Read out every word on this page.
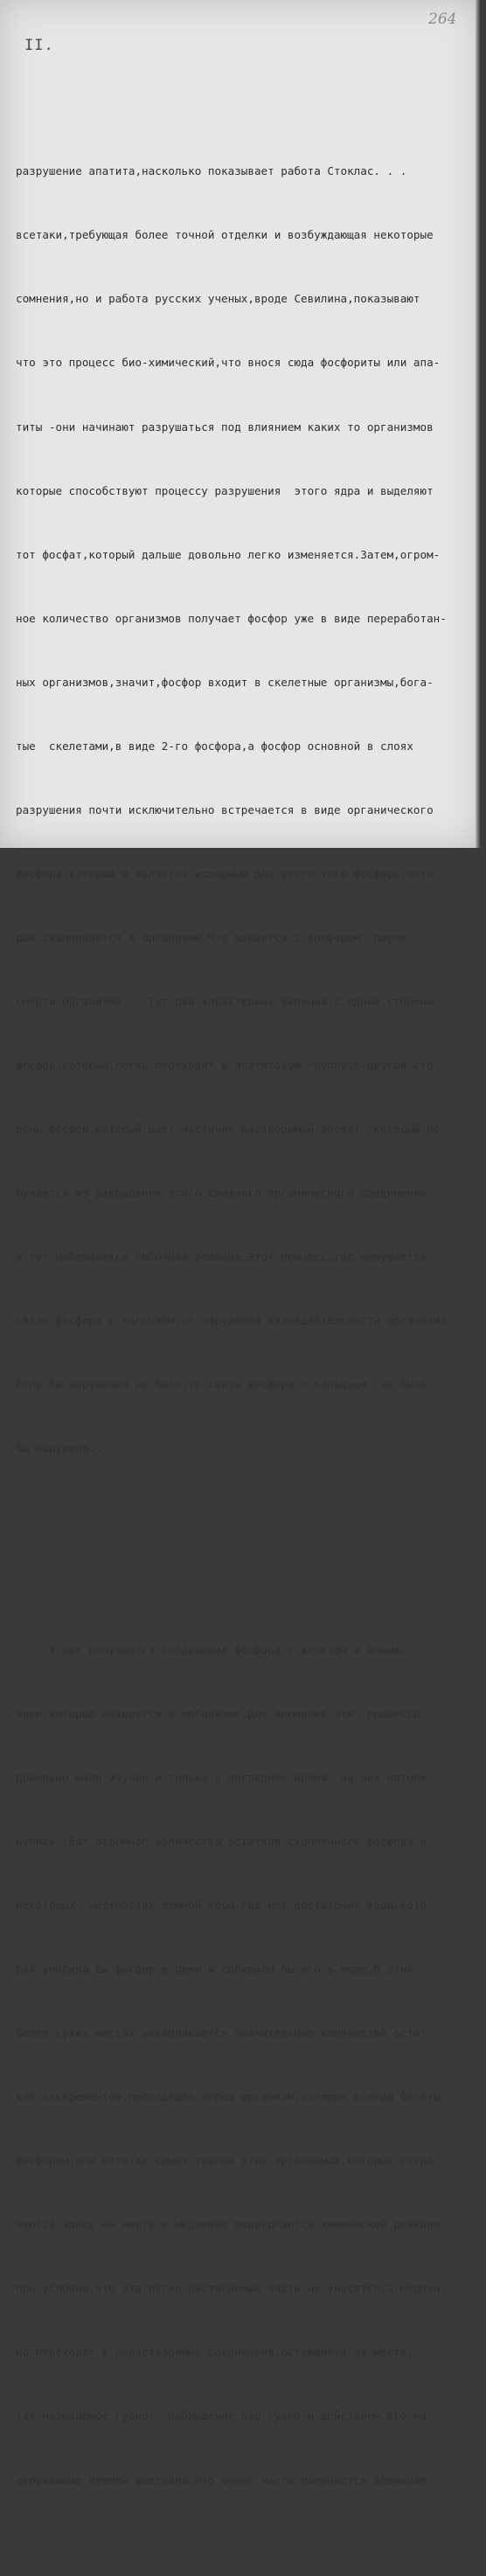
II.
264

разрушение апатита,насколько показывает работа Стоклас. . .

всетаки,требующая более точной отделки и возбуждающая некоторые

сомнения,но и работа русских ученых,вроде Севилина,показывают

что это процесс био-химический,что внося сюда фосфориты или апа-

титы -они начинают разрушаться под влиянием каких то организмов

которые способствуют процессу разрушения  этого ядра и выделяют

тот фосфат,который дальше довольно легко изменяется.Затем,огром-

ное количество организмов получает фосфор уже в виде переработан-

ных организмов,значит,фосфор входит в скелетные организмы,бога-

тые  скелетами,в виде 2-го фосфора,а фосфор основной в слоях

разрушения почти исключительно встречается в виде органического

фосфора,который и является исходным для всего того фосфора,кото-

рый скапливается в организме.Что делается с фосфором  после

смерти организма ...Тут два характерных явления:с одной стороны

фосфор,который легко переходит в апатитовую группу,с другой сто-

роны фосфор,который дает частично растворимый фосфат ,который по-

лучается из распадения этого сложного органического соединения

и тут наблюдается побочная реакция.Этот процесс,где нарушается

связь фосфора с кальцием,от нарушения жизнедеятельности организма.

Если бы нарушения не было,то связь фосфора с кальцием  не была

бы нарушена..

У нас получается соединение фосфора с железом и алюми-

нием,которые находятся в организме.Для алюминия эти  процессы

довольно мало изучен и только в последнее время  на них натолк-

нулись..Вот огромное количество остатков скопленного фосфора в

некоторых  местностях земной коры,где нет достаточно воды,кото-

рая уносила бы фосфор в реки и собирала бы его в море.В этих

более сухих местах накапливается значительное количество остат-

ков экскрементов,проходящих через организм,которые всегда богаты

фосфором,или остатки самих трупов этих организмов,которые сохра-

няются здесь на месте и медленно подвергаются химической реакции

при условии,что эта легко растворимые части не уносятся,а медлен-

но переходят в нерастворимые соединения,остающиеся на месте,-

так называемое гуано.. Наблюдение над гуано и действием его на

окружающие породы выяснило,что очень часто получается алюминие-
